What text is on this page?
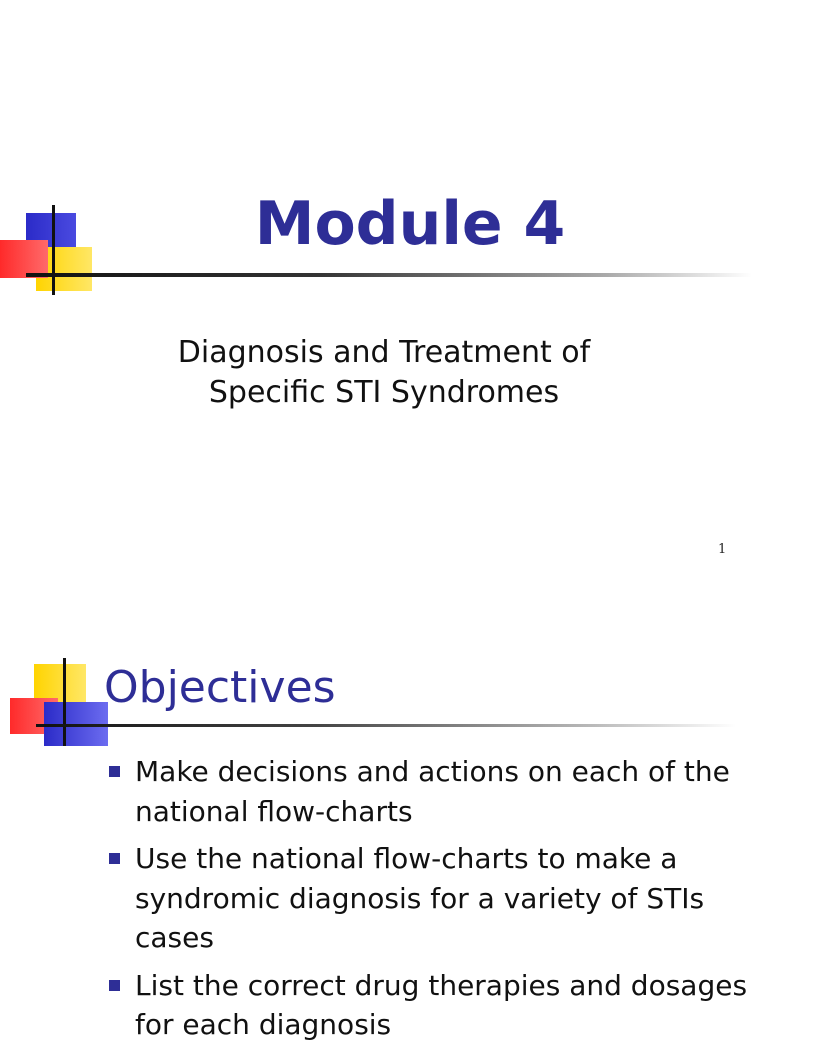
Module 4
Diagnosis and Treatment of
Specific STI Syndromes
1
Objectives
Make decisions and actions on each of the national flow-charts
Use the national flow-charts to make a syndromic diagnosis for a variety of STIs cases
List the correct drug therapies and dosages for each diagnosis
